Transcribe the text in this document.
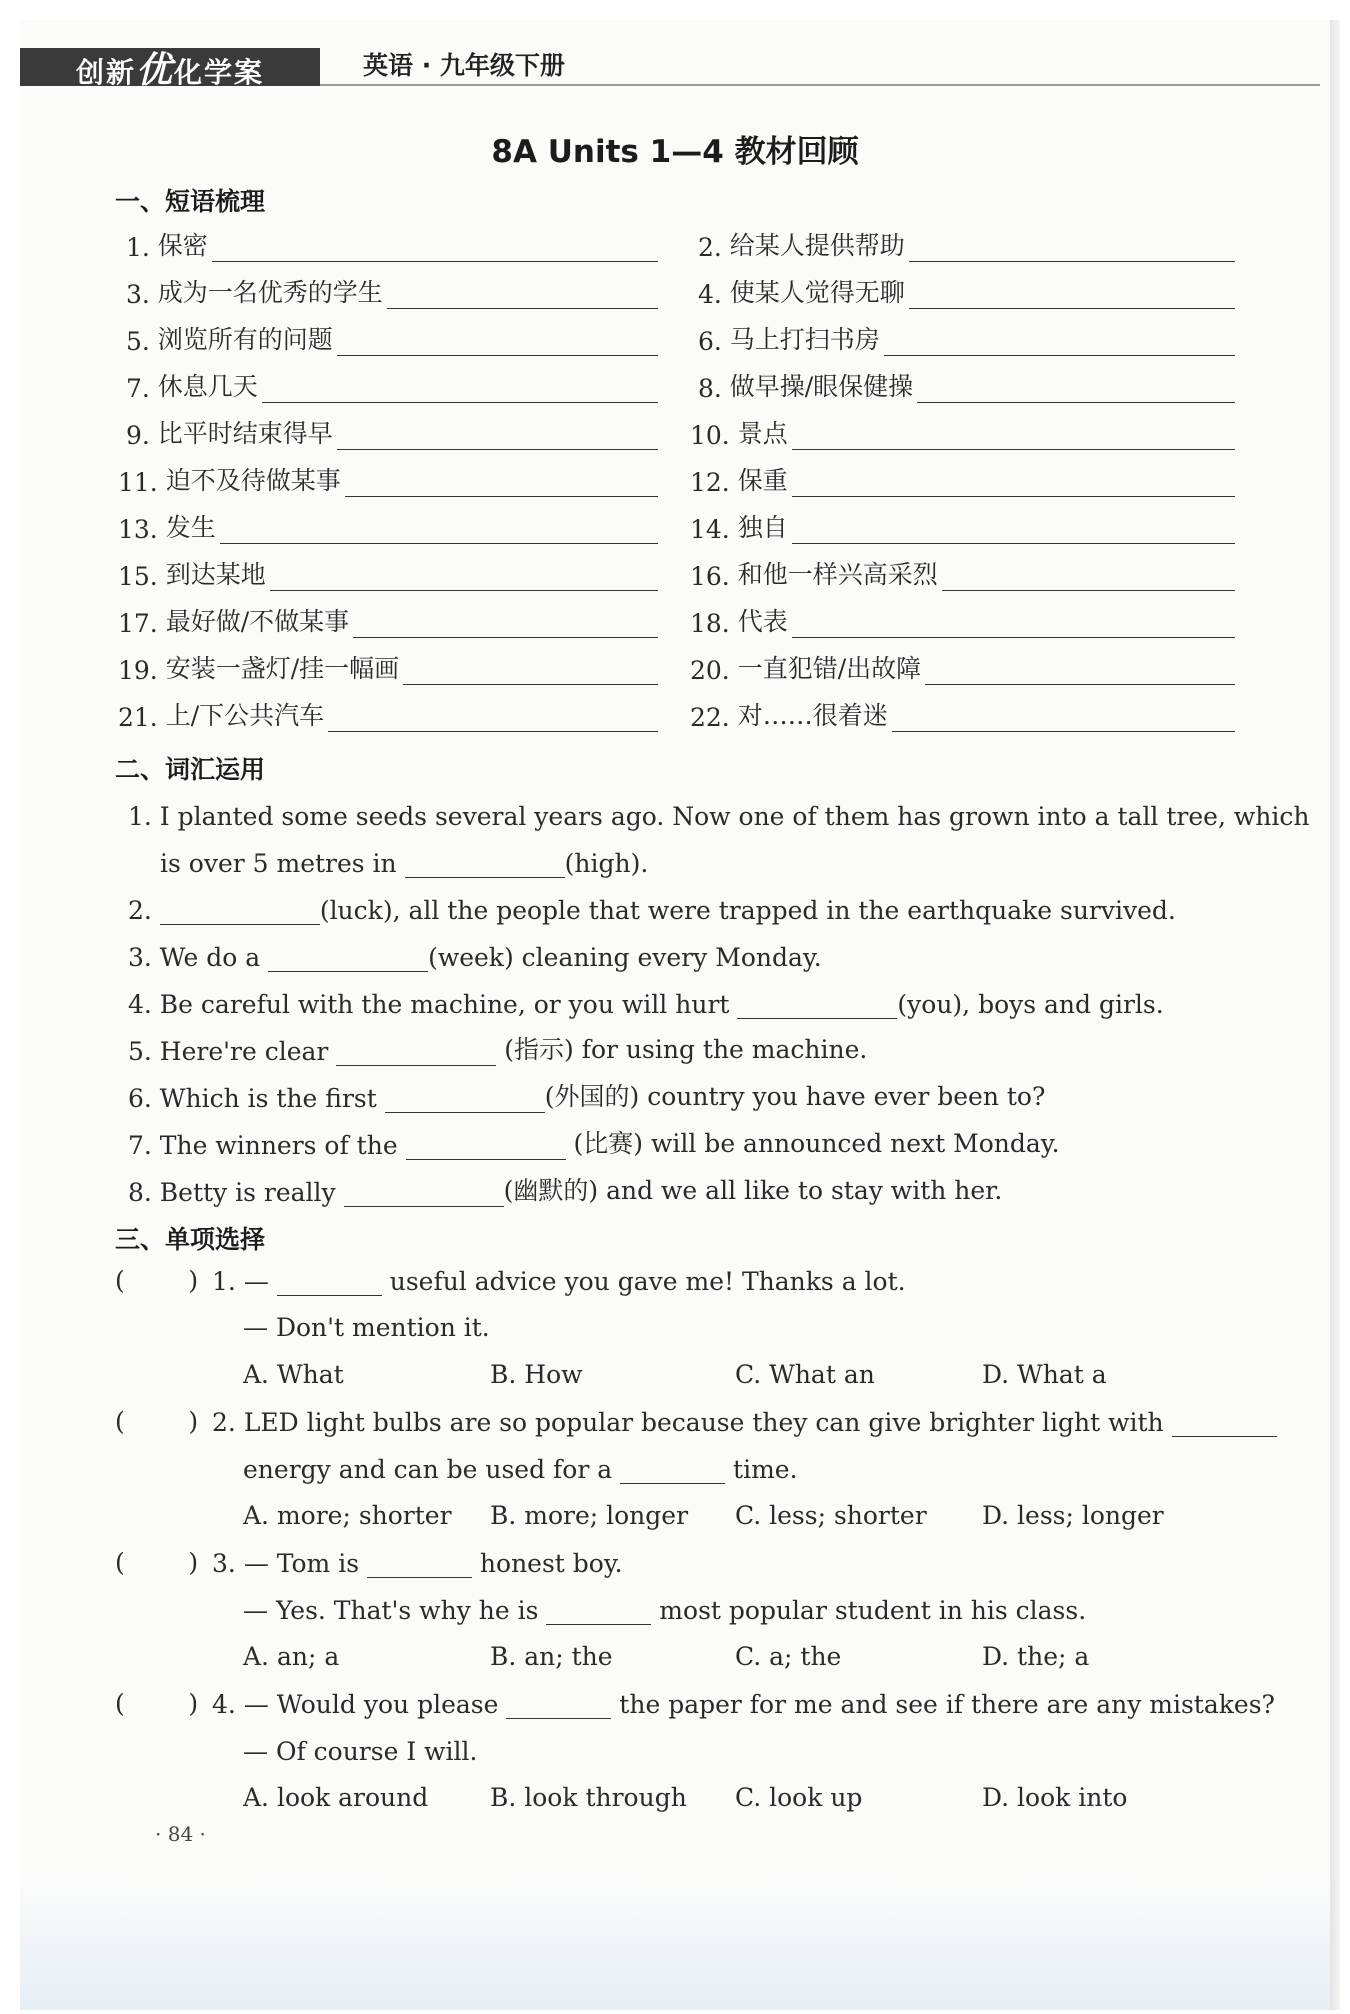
创新优化学案	英语 · 九年级下册
8A Units 1—4 教材回顾
一、短语梳理
1. 保密	2. 给某人提供帮助
3. 成为一名优秀的学生	4. 使某人觉得无聊
5. 浏览所有的问题	6. 马上打扫书房
7. 休息几天	8. 做早操/眼保健操
9. 比平时结束得早	10. 景点
11. 迫不及待做某事	12. 保重
13. 发生	14. 独自
15. 到达某地	16. 和他一样兴高采烈
17. 最好做/不做某事	18. 代表
19. 安装一盏灯/挂一幅画	20. 一直犯错/出故障
21. 上/下公共汽车	22. 对……很着迷
二、词汇运用
1. I planted some seeds several years ago. Now one of them has grown into a tall tree, which
is over 5 metres in	(high).
2.	(luck), all the people that were trapped in the earthquake survived.
3. We do a	(week) cleaning every Monday.
4. Be careful with the machine, or you will hurt	(you), boys and girls.
5. Here're clear	(指示) for using the machine.
6. Which is the first	(外国的) country you have ever been to?
7. The winners of the	(比赛) will be announced next Monday.
8. Betty is really	(幽默的) and we all like to stay with her.
三、单项选择
(        ) 1. —	useful advice you gave me! Thanks a lot.
— Don't mention it.
A. What	B. How	C. What an	D. What a
(        ) 2. LED light bulbs are so popular because they can give brighter light with
energy and can be used for a	time.
A. more; shorter B. more; longer C. less; shorter D. less; longer
(        ) 3. — Tom is	honest boy.
— Yes. That's why he is	most popular student in his class.
A. an; a	B. an; the	C. a; the	D. the; a
(        ) 4. — Would you please	the paper for me and see if there are any mistakes?
— Of course I will.
A. look around B. look through C. look up	D. look into
· 84 ·
